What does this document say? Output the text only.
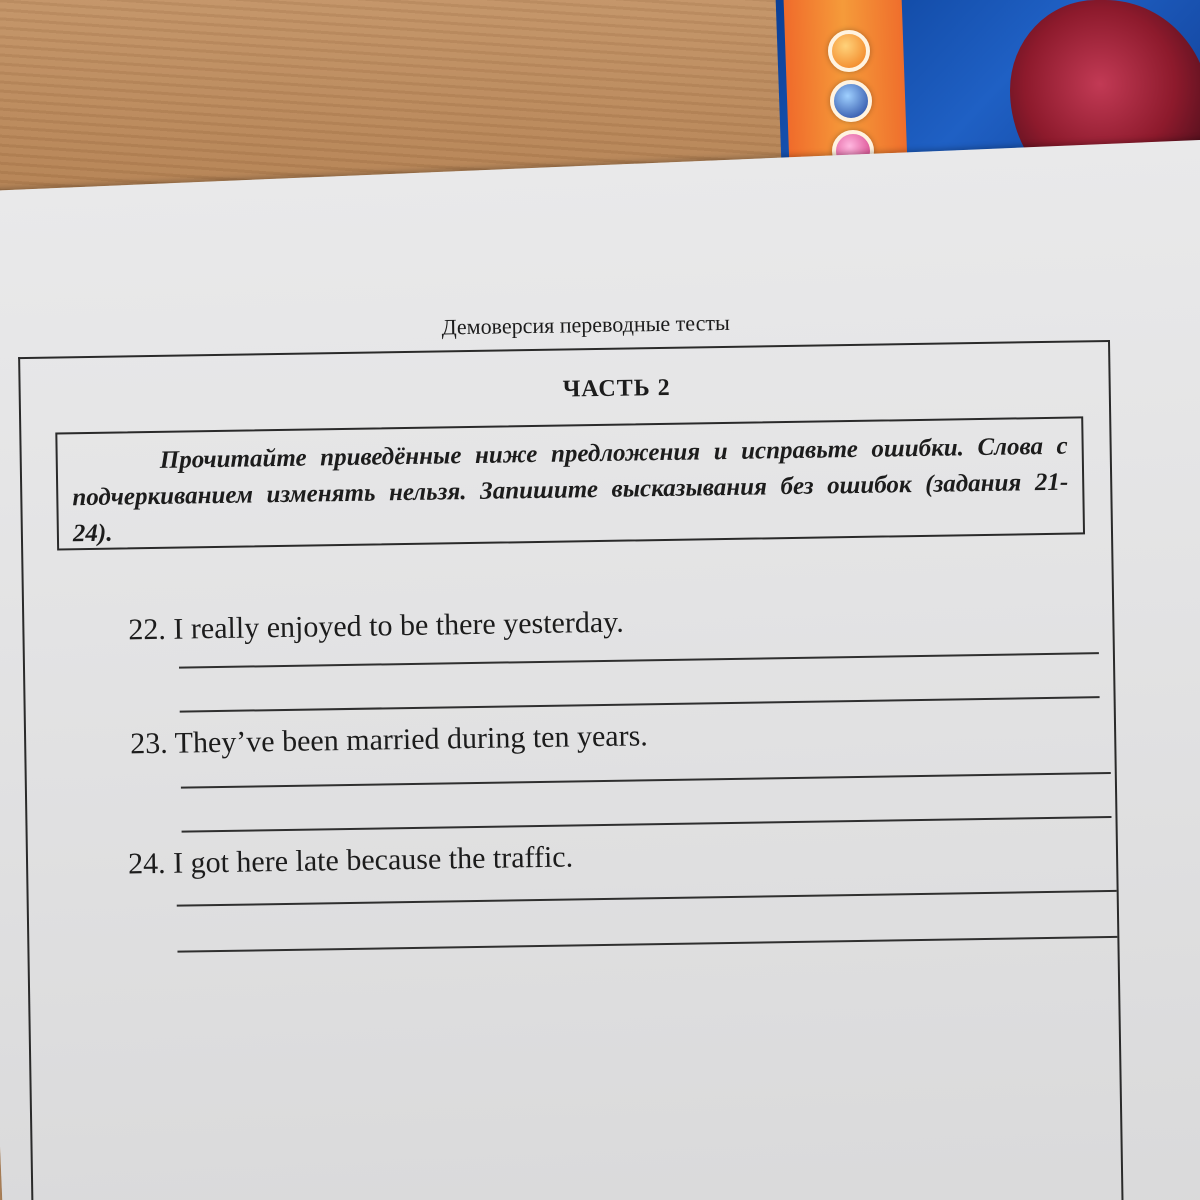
Демоверсия переводные тесты
ЧАСТЬ 2

Прочитайте приведённые ниже предложения и исправьте ошибки. Слова с подчеркиванием изменять нельзя. Запишите высказывания без ошибок (задания 21-24).

22. I really enjoyed to be there yesterday.
23. They’ve been married during ten years.
24. I got here late because the traffic.
